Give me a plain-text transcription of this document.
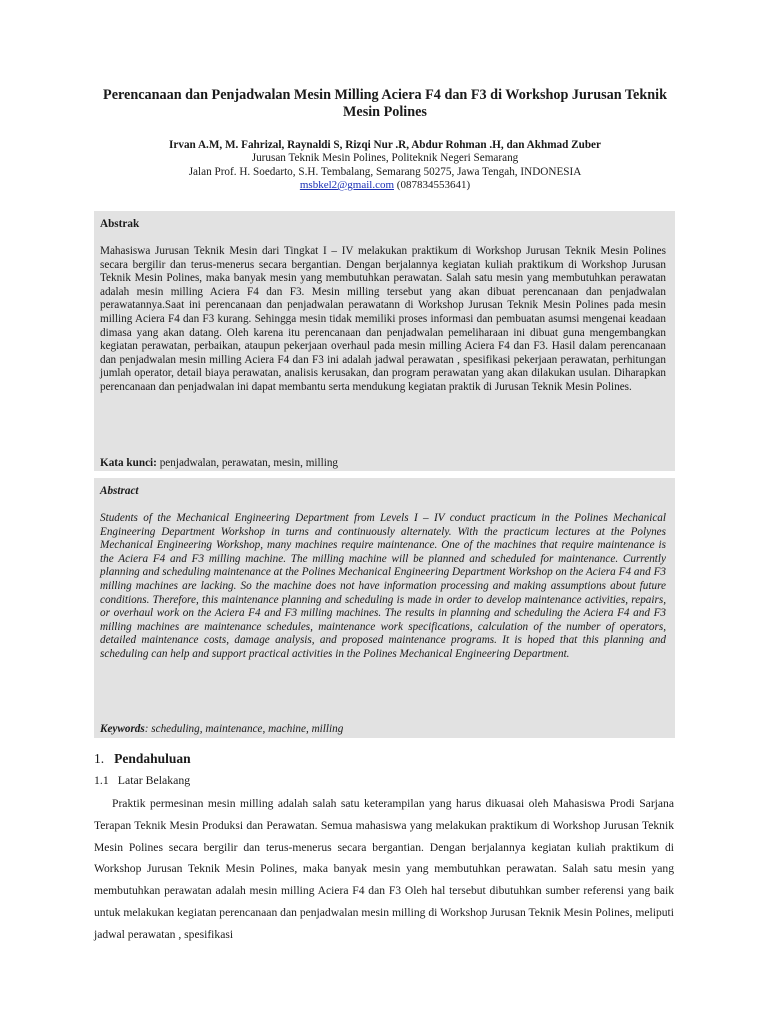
Perencanaan dan Penjadwalan Mesin Milling Aciera F4 dan F3 di Workshop Jurusan Teknik Mesin Polines
Irvan A.M, M. Fahrizal, Raynaldi S, Rizqi Nur .R, Abdur Rohman .H, dan Akhmad Zuber
Jurusan Teknik Mesin Polines, Politeknik Negeri Semarang
Jalan Prof. H. Soedarto, S.H. Tembalang, Semarang 50275, Jawa Tengah, INDONESIA
msbkel2@gmail.com (087834553641)
Abstrak
Mahasiswa Jurusan Teknik Mesin dari Tingkat I – IV melakukan praktikum di Workshop Jurusan Teknik Mesin Polines secara bergilir dan terus-menerus secara bergantian. Dengan berjalannya kegiatan kuliah praktikum di Workshop Jurusan Teknik Mesin Polines, maka banyak mesin yang membutuhkan perawatan. Salah satu mesin yang membutuhkan perawatan adalah mesin milling Aciera F4 dan F3. Mesin milling tersebut yang akan dibuat perencanaan dan penjadwalan perawatannya.Saat ini perencanaan dan penjadwalan perawatann di Workshop Jurusan Teknik Mesin Polines pada mesin milling Aciera F4 dan F3 kurang. Sehingga mesin tidak memiliki proses informasi dan pembuatan asumsi mengenai keadaan dimasa yang akan datang. Oleh karena itu perencanaan dan penjadwalan pemeliharaan ini dibuat guna mengembangkan kegiatan perawatan, perbaikan, ataupun pekerjaan overhaul pada mesin milling Aciera F4 dan F3. Hasil dalam perencanaan dan penjadwalan mesin milling Aciera F4 dan F3 ini adalah jadwal perawatan , spesifikasi pekerjaan perawatan, perhitungan jumlah operator, detail biaya perawatan, analisis kerusakan, dan program perawatan yang akan dilakukan usulan. Diharapkan perencanaan dan penjadwalan ini dapat membantu serta mendukung kegiatan praktik di Jurusan Teknik Mesin Polines.
Kata kunci: penjadwalan, perawatan, mesin, milling
Abstract
Students of the Mechanical Engineering Department from Levels I – IV conduct practicum in the Polines Mechanical Engineering Department Workshop in turns and continuously alternately. With the practicum lectures at the Polynes Mechanical Engineering Workshop, many machines require maintenance. One of the machines that require maintenance is the Aciera F4 and F3 milling machine. The milling machine will be planned and scheduled for maintenance. Currently planning and scheduling maintenance at the Polines Mechanical Engineering Department Workshop on the Aciera F4 and F3 milling machines are lacking. So the machine does not have information processing and making assumptions about future conditions. Therefore, this maintenance planning and scheduling is made in order to develop maintenance activities, repairs, or overhaul work on the Aciera F4 and F3 milling machines. The results in planning and scheduling the Aciera F4 and F3 milling machines are maintenance schedules, maintenance work specifications, calculation of the number of operators, detailed maintenance costs, damage analysis, and proposed maintenance programs. It is hoped that this planning and scheduling can help and support practical activities in the Polines Mechanical Engineering Department.
Keywords: scheduling, maintenance, machine, milling
1. Pendahuluan
1.1 Latar Belakang
Praktik permesinan mesin milling adalah salah satu keterampilan yang harus dikuasai oleh Mahasiswa Prodi Sarjana Terapan Teknik Mesin Produksi dan Perawatan. Semua mahasiswa yang melakukan praktikum di Workshop Jurusan Teknik Mesin Polines secara bergilir dan terus-menerus secara bergantian. Dengan berjalannya kegiatan kuliah praktikum di Workshop Jurusan Teknik Mesin Polines, maka banyak mesin yang membutuhkan perawatan. Salah satu mesin yang membutuhkan perawatan adalah mesin milling Aciera F4 dan F3 Oleh hal tersebut dibutuhkan sumber referensi yang baik untuk melakukan kegiatan perencanaan dan penjadwalan mesin milling di Workshop Jurusan Teknik Mesin Polines, meliputi jadwal perawatan , spesifikasi
